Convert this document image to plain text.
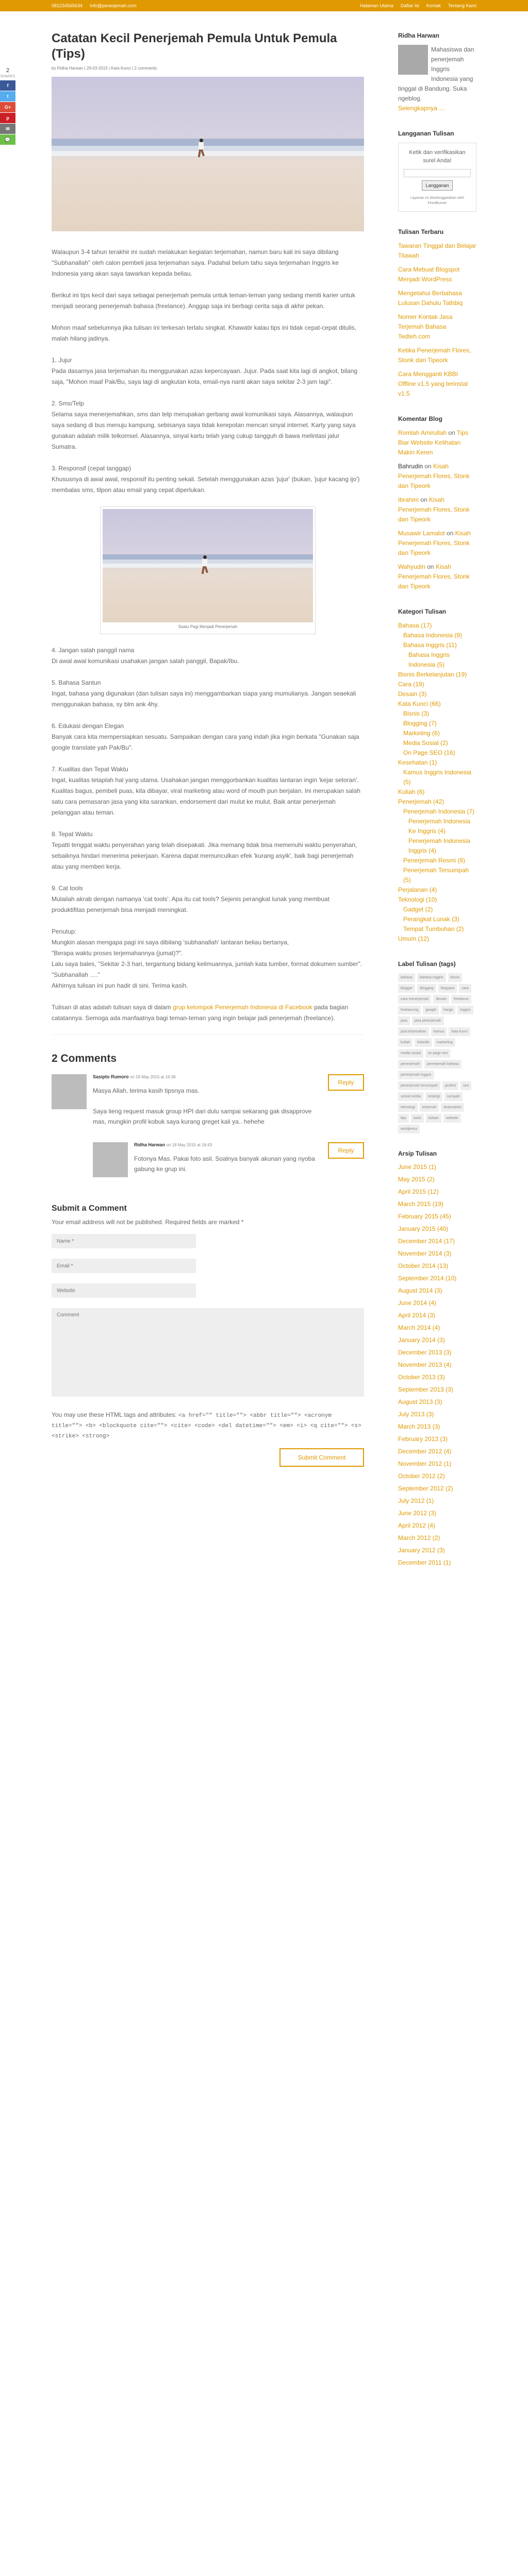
081234565634 info@penerjemah.com	Halaman Utama Daftar Isi Kontak Tentang Kami
2
SHARES
f
t
G+
p
✉
💬
Catatan Kecil Penerjemah Pemula Untuk Pemula (Tips)
by Ridha Harwan | 29-03-2015 | Kata Kunci | 2 comments

Walaupun 3-4 tahun terakhir ini sudah melakukan kegiatan terjemahan, namun baru kali ini saya dibilang "Subhanallah" oleh calon pembeli jasa terjemahan saya. Padahal belum tahu saya terjemahan Inggris ke Indonesia yang akan saya tawarkan kepada beliau.

Berikut ini tips kecil dari saya sebagai penerjemah pemula untuk teman-teman yang sedang meniti karier untuk menjadi seorang penerjemah bahasa (freelance). Anggap saja ini berbagi cerita saja di akhir pekan.

Mohon maaf sebelumnya jika tulisan ini terkesan terlalu singkat. Khawatir kalau tips ini tidak cepat-cepat ditulis, malah hilang jadinya.

1. Jujur
Pada dasarnya jasa terjemahan itu menggunakan azas kepercayaan. Jujur. Pada saat kita lagi di angkot, bilang saja, "Mohon maaf Pak/Bu, saya lagi di angkutan kota, email-nya nanti akan saya sekitar 2-3 jam lagi".

2. Sms/Telp
Selama saya menerjemahkan, sms dan telp merupakan gerbang awal komunikasi saya. Alasannya, walaupun saya sedang di bus menuju kampung, sebisanya saya tidak kerepotan mencari sinyal internet. Karty yang saya gunakan adalah milik telkomsel. Alasannya, sinyal kartu telah yang cukup tangguh di bawa melintasi jalur Sumatra.

3. Responsif (cepat tanggap)
Khususnya di awal awal, responsif itu penting sekali. Setelah menggunakan azas 'jujur' (bukan, 'jujur kacang ijo') membalas sms, tilpon atau email yang cepat diperlukan.

Suatu Pagi Menjadi Penerjemah

4. Jangan salah panggil nama
Di awal awal komunikasi usahakan jangan salah panggil, Bapak/Ibu.

5. Bahasa Santun
Ingat, bahasa yang digunakan (dan tulisan saya ini) menggambarkan siapa yang mumulianya. Jangan seaekali menggunakan bahasa, sy blm ank 4hy.

6. Edukasi dengan Elegan
Banyak cara kita mempersiapkan sesuatu. Sampaikan dengan cara yang indah jika ingin berkata "Gunakan saja google translate yah Pak/Bu".

7. Kualitas dan Tepat Waktu
Ingat, kualitas tetaplah hal yang utama. Usahakan jangan menggorbankan kualitas lantaran ingin 'kejar setoran'. Kualitas bagus, pembeli puas, kita dibayar, viral marketing atau word of mouth pun berjalan. Ini merupakan salah satu cara pemasaran jasa yang kita sarankan, endorsement dari mulut ke mulut. Baik antar penerjemah pelanggan atau teman.

8. Tepat Waktu
Tepatti tenggat waktu penyerahan yang telah disepakati. Jika memang tidak bisa memenuhi waktu penyerahan, sebaiknya hindari menerima pekerjaan. Karena dapat memunculkan efek 'kurang asyik', baik bagi penerjemah atau yang memberi kerja.

9. Cat tools
Mulailah akrab dengan namanya 'cat tools'. Apa itu cat tools? Sejenis perangkat lunak yang membuat produktifitas penerjemah bisa menjadi meningkat.

Penutup:
Mungkin alasan mengapa pagi ini saya dibilang 'subhanallah' lantaran beliau bertanya,
"Berapa waktu proses terjemahannya (jumat)?".
Lalu saya bales, "Sekitar 2-3 hari, tergantung bidang keilmuannya, jumlah kata tumber, format dokumen sumber".
"Subhanallah …."
Akhirnya tulisan ini pun hadir di sini. Terima kasih.

Tulisan di atas adalah tulisan saya di dalam grup kelompok Penerjemah Indonesia di Facebook pada bagian catatannya. Semoga ada manfaatnya bagi teman-teman yang ingin belajar jadi penerjemah (freelance).

2 Comments
Sasipto Rumoro on 18 May 2015 at 16:38
Masya Allah, terima kasih tipsnya mas.

Saya lieng request masuk group HPI dari dulu sampai sekarang gak disapprove mas, mungkin profil kobuk saya kurang greget kali ya.. hehehe
Reply
Ridha Harwan on 18 May 2015 at 16:43
Fotonya Mas. Pakai foto asli. Soalnya banyak akunan yang nyoba gabung ke grup ini.
Reply
Submit a Comment
Your email address will not be published. Required fields are marked *
Name *
Email *
Website
Comment
You may use these HTML tags and attributes: <a href="" title=""> <abbr title=""> <acronym title=""> <b> <blockquote cite=""> <cite> <code> <del datetime=""> <em> <i> <q cite=""> <s> <strike> <strong>
Submit Comment
Ridha Harwan
Mahasiswa dan penerjemah Inggris Indonesia yang tinggal di Bandung. Suka ngeblog.
Selengkapnya …
Langganan Tulisan
Ketik dan verifikasikan surel Anda!
Langganan
Layanan ini diselenggarakan oleh FeedBurner
Tulisan Terbaru
Tawaran Tinggal dan Belajar Tilawah
Cara Mebuat Blogspot Menjadi WordPress
Mengetahui Berbahasa Lulusan Dahulu Tathbiq
Nomer Kontak Jasa Terjemah Bahasa Tedteh.com
Ketika Penerjemah Flores, Stonk dan Tipeork
Cara Mengganti KBBI Offline v1.5 yang terinstal v1.5
Komentar Blog
Romlah Amirullah on Tips Biar Website Kelihatan Makin Keren
Bahrudin on Kisah Penerjemah Flores, Stonk dan Tipeork
Ibrahim on Kisah Penerjemah Flores, Stonk dan Tipeork
Musawir Lamalot on Kisah Penerjemah Flores, Stonk dan Tipeork
Wahyudin on Kisah Penerjemah Flores, Stonk dan Tipeork
Kategori Tulisan
Bahasa (17)
Bahasa Indonesia (9)
Bahasa Inggris (11)
Bahasa Inggris Indonesia (5)
Bisnis Berkelanjutan (19)
Cara (19)
Desain (3)
Kata Kunci (66)
Bisnis (3)
Blogging (7)
Marketing (6)
Media Sosial (2)
On Page SEO (16)
Kesehatan (1)
Kamus Inggris Indonesia (5)
Kuliah (6)
Penerjemah (42)
Penerjemah Indonesia (7)
Penerjemah Indonesia Ke Inggris (4)
Penerjemah Indonesia Inggris (4)
Penerjemah Resmi (8)
Penerjemah Tersumpah (5)
Perjalanan (4)
Teknologi (10)
Gadget (2)
Perangkat Lunak (3)
Tempat Tumbuhan (2)
Umum (12)
Label Tulisan (tags)
bahasa	bahasa inggris	bisnis
blogger	blogging	blogspot	cara
cara menerjemah	desain	freelance
freelancing	google	harga	inggris
jasa	jasa penerjemah
jasa terjemahan	kamus	kata kunci
kuliah	linkedin	marketing
media sosial	on page seo
penerjemah	penerjemah bahasa
penerjemah inggris
penerjemah tersumpah	profesi	seo
sosial media	strategi	sumpah
teknologi	terjemah	terjemahan
tips	tools	tulisan	website
wordpress
Arsip Tulisan
June 2015 (1)
May 2015 (2)
April 2015 (12)
March 2015 (19)
February 2015 (45)
January 2015 (40)
December 2014 (17)
November 2014 (3)
October 2014 (13)
September 2014 (10)
August 2014 (3)
June 2014 (4)
April 2014 (3)
March 2014 (4)
January 2014 (3)
December 2013 (3)
November 2013 (4)
October 2013 (3)
September 2013 (3)
August 2013 (3)
July 2013 (3)
March 2013 (3)
February 2013 (3)
December 2012 (4)
November 2012 (1)
October 2012 (2)
September 2012 (2)
July 2012 (1)
June 2012 (3)
April 2012 (4)
March 2012 (2)
January 2012 (3)
December 2011 (1)
